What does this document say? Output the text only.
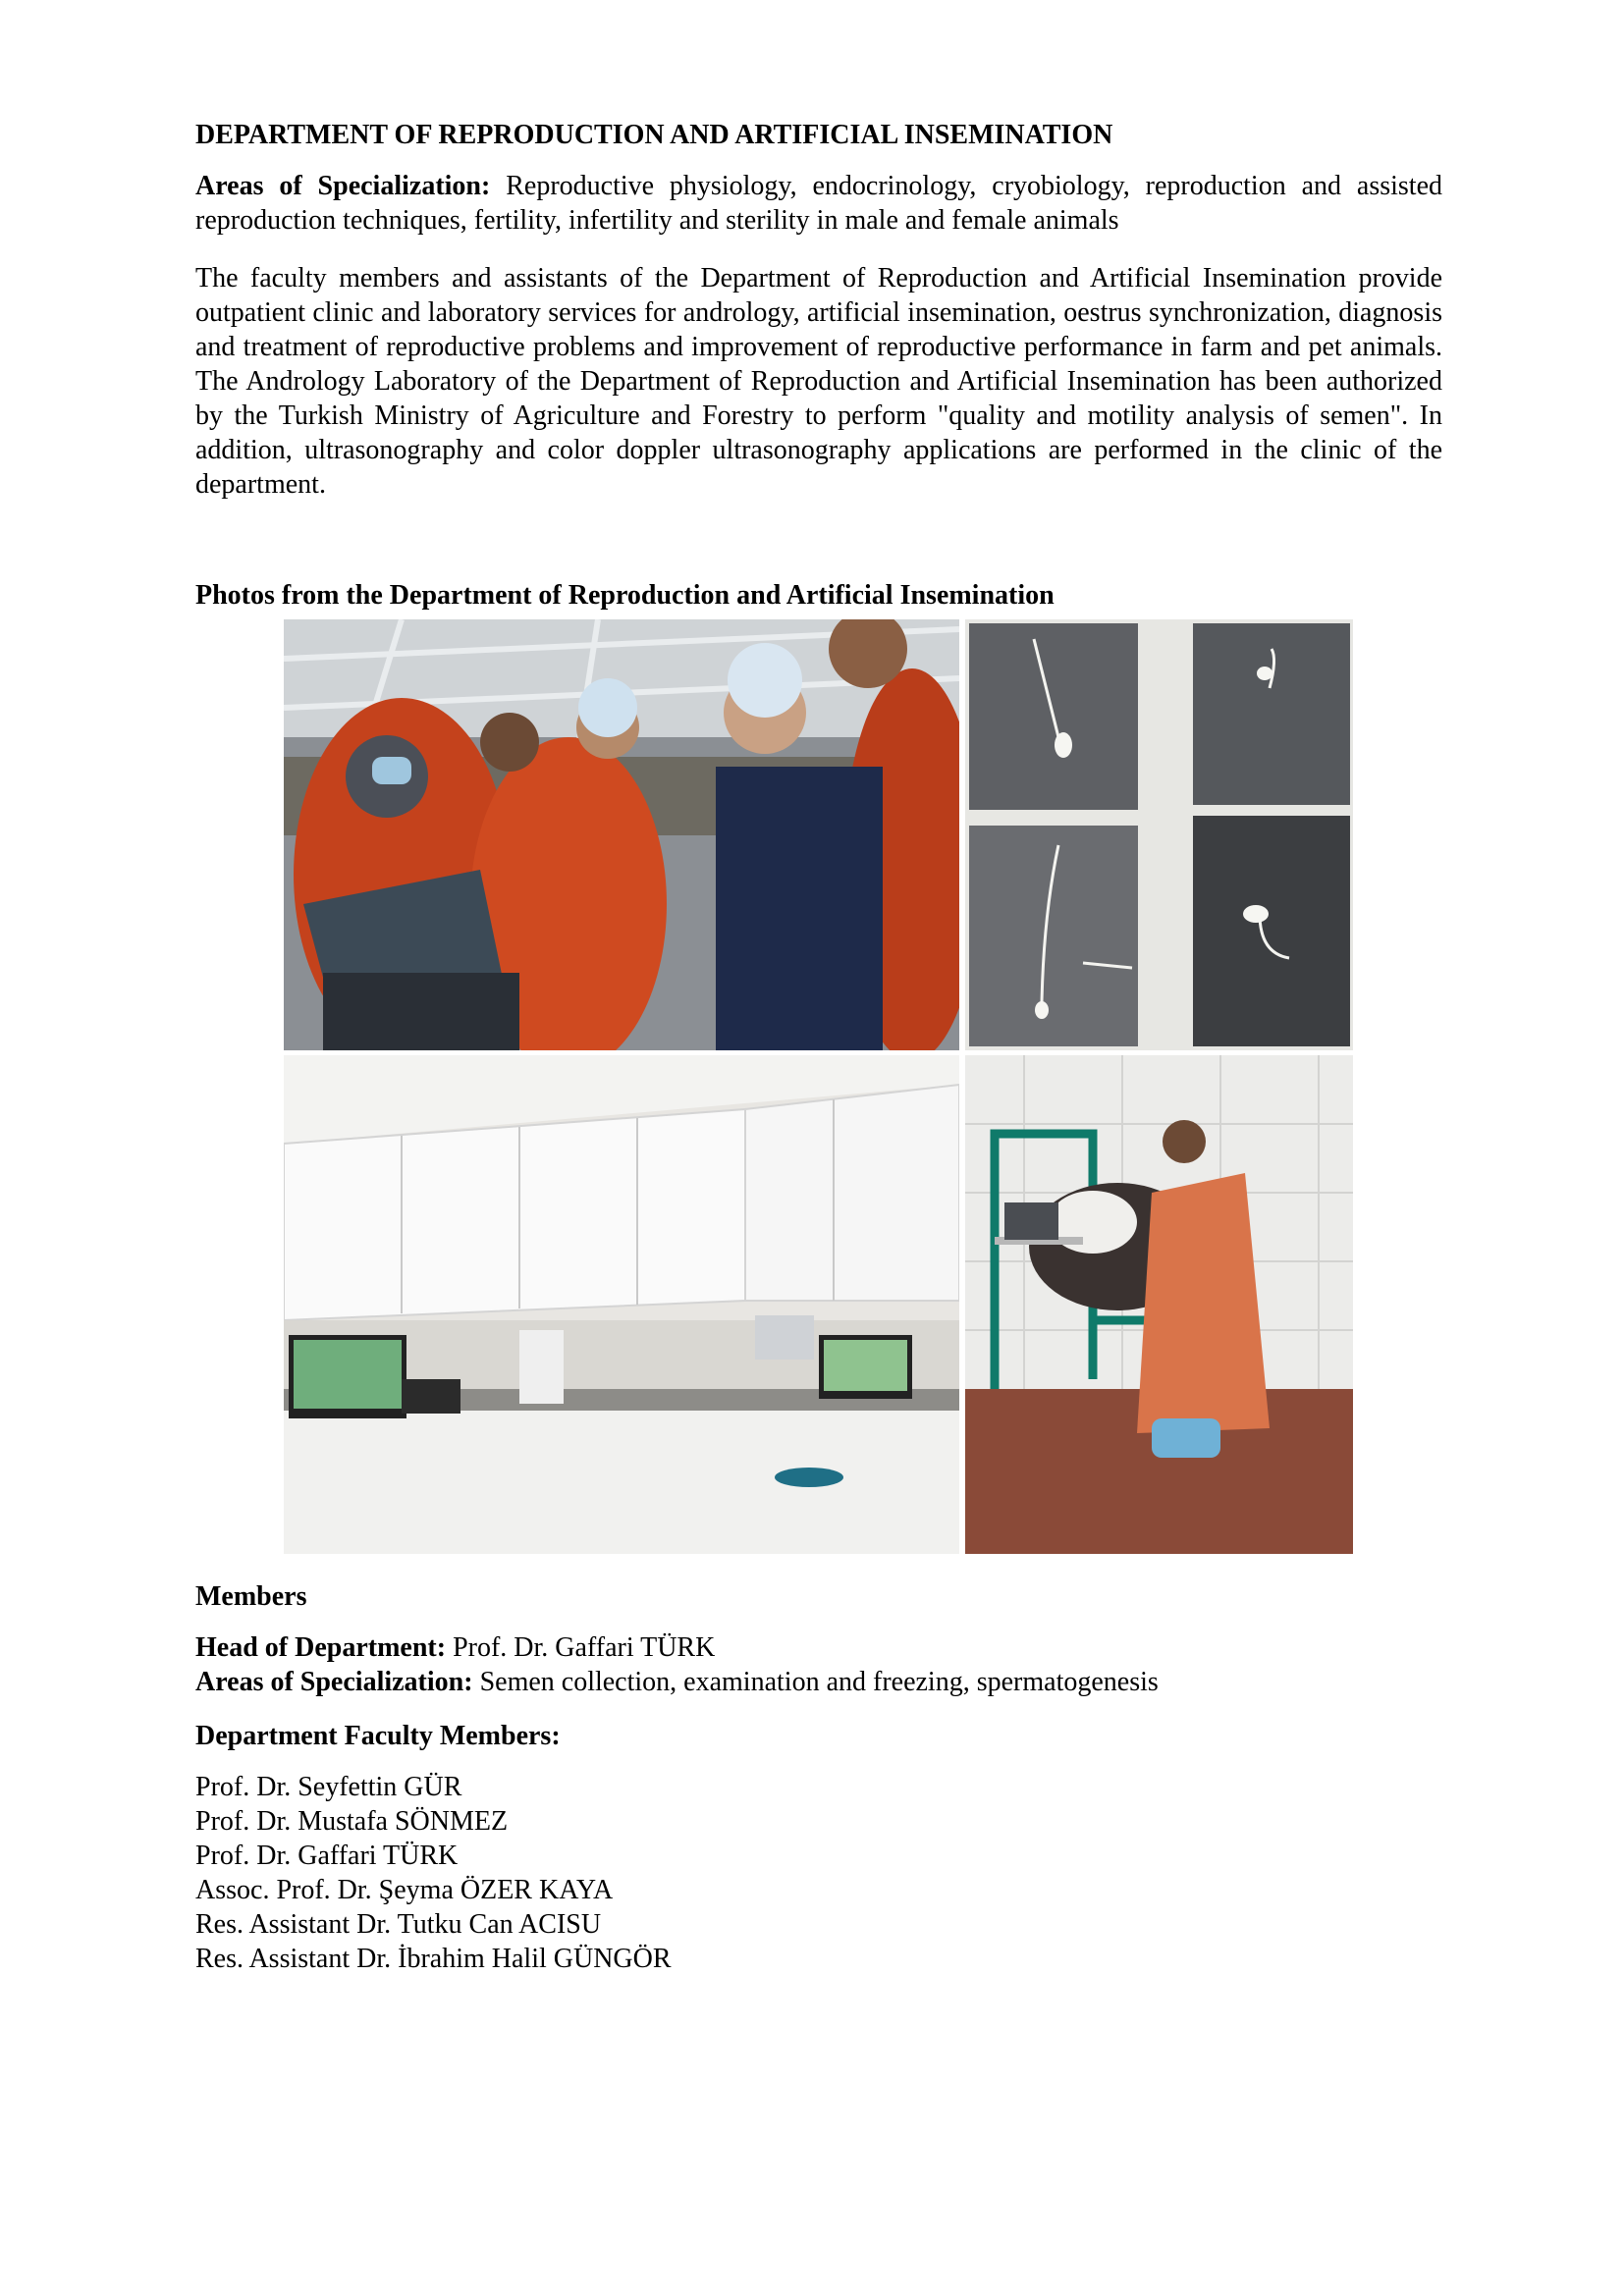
DEPARTMENT OF REPRODUCTION AND ARTIFICIAL INSEMINATION

Areas of Specialization: Reproductive physiology, endocrinology, cryobiology, reproduction and assisted reproduction techniques, fertility, infertility and sterility in male and female animals

The faculty members and assistants of the Department of Reproduction and Artificial Insemination provide outpatient clinic and laboratory services for andrology, artificial insemination, oestrus synchronization, diagnosis and treatment of reproductive problems and improvement of reproductive performance in farm and pet animals. The Andrology Laboratory of the Department of Reproduction and Artificial Insemination has been authorized by the Turkish Ministry of Agriculture and Forestry to perform "quality and motility analysis of semen". In addition, ultrasonography and color doppler ultrasonography applications are performed in the clinic of the department.

Photos from the Department of Reproduction and Artificial Insemination
Members
Head of Department: Prof. Dr. Gaffari TÜRK
Areas of Specialization: Semen collection, examination and freezing, spermatogenesis
Department Faculty Members:
Prof. Dr. Seyfettin GÜR
Prof. Dr. Mustafa SÖNMEZ
Prof. Dr. Gaffari TÜRK
Assoc. Prof. Dr. Şeyma ÖZER KAYA
Res. Assistant Dr. Tutku Can ACISU
Res. Assistant Dr. İbrahim Halil GÜNGÖR
